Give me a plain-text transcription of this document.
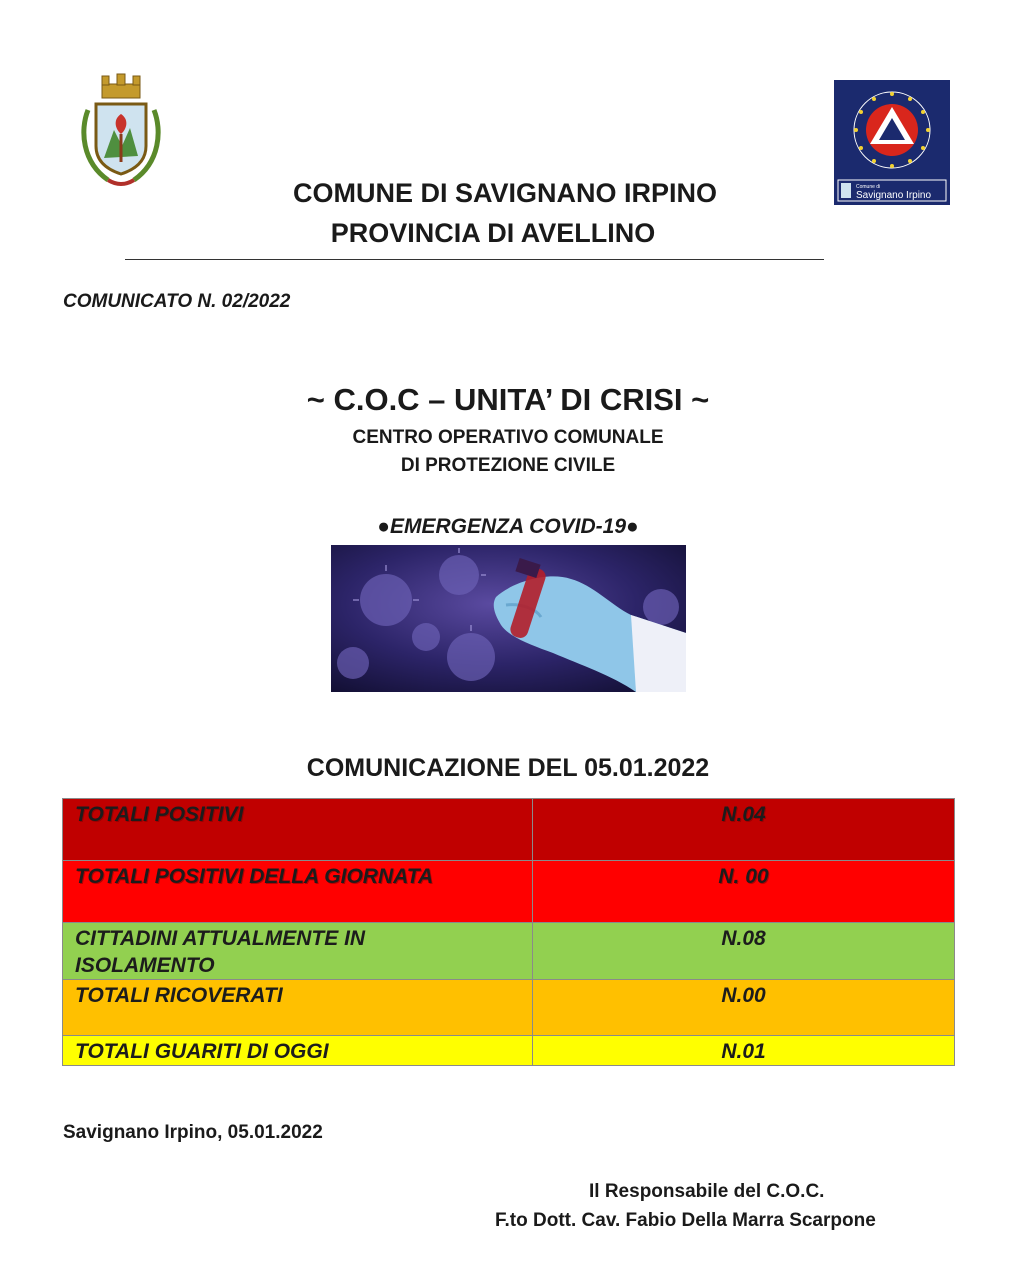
Comune di
Savignano Irpino
COMUNE DI SAVIGNANO IRPINO
PROVINCIA DI AVELLINO
COMUNICATO N. 02/2022
~ C.O.C – UNITA’ DI CRISI ~
CENTRO OPERATIVO COMUNALE
DI PROTEZIONE CIVILE
●EMERGENZA COVID-19●
COMUNICAZIONE DEL 05.01.2022
TOTALI POSITIVI	N.04
TOTALI POSITIVI DELLA GIORNATA	N. 00
CITTADINI ATTUALMENTE IN ISOLAMENTO	N.08
TOTALI RICOVERATI	N.00
TOTALI GUARITI DI OGGI	N.01
Savignano Irpino, 05.01.2022
Il Responsabile del C.O.C.
F.to Dott. Cav. Fabio Della Marra Scarpone
